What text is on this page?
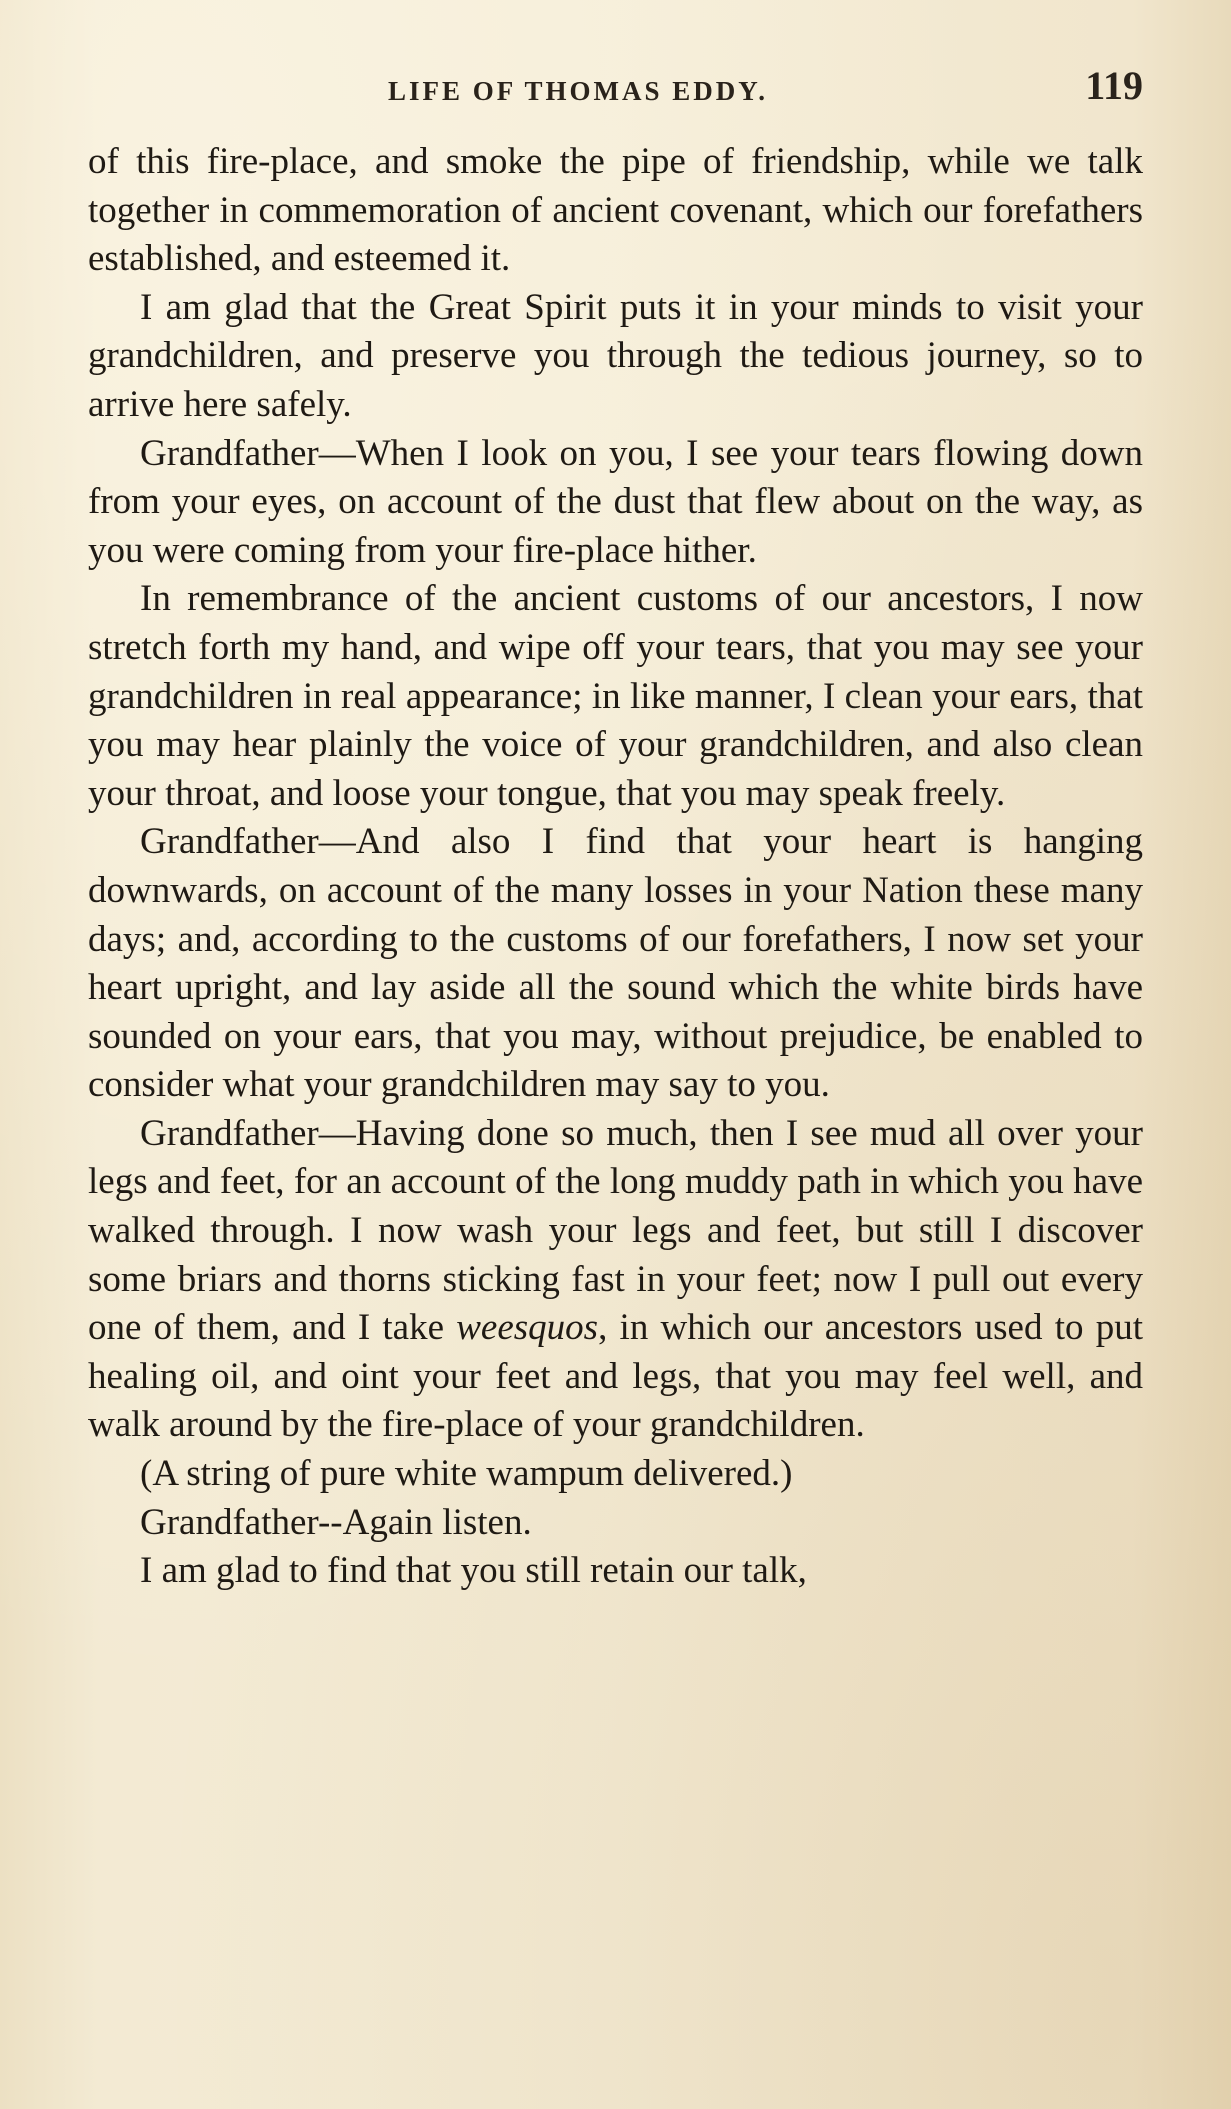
LIFE OF THOMAS EDDY.	119

of this fire-place, and smoke the pipe of friendship, while we talk together in commemoration of ancient covenant, which our forefathers established, and esteemed it.

I am glad that the Great Spirit puts it in your minds to visit your grandchildren, and preserve you through the tedious journey, so to arrive here safely.

Grandfather—When I look on you, I see your tears flowing down from your eyes, on account of the dust that flew about on the way, as you were coming from your fire-place hither.

In remembrance of the ancient customs of our ancestors, I now stretch forth my hand, and wipe off your tears, that you may see your grandchildren in real appearance; in like manner, I clean your ears, that you may hear plainly the voice of your grandchildren, and also clean your throat, and loose your tongue, that you may speak freely.

Grandfather—And also I find that your heart is hanging downwards, on account of the many losses in your Nation these many days; and, according to the customs of our forefathers, I now set your heart upright, and lay aside all the sound which the white birds have sounded on your ears, that you may, without prejudice, be enabled to consider what your grandchildren may say to you.

Grandfather—Having done so much, then I see mud all over your legs and feet, for an account of the long muddy path in which you have walked through. I now wash your legs and feet, but still I discover some briars and thorns sticking fast in your feet; now I pull out every one of them, and I take weesquos, in which our ancestors used to put healing oil, and oint your feet and legs, that you may feel well, and walk around by the fire-place of your grandchildren.

(A string of pure white wampum delivered.)

Grandfather--Again listen.

I am glad to find that you still retain our talk,
